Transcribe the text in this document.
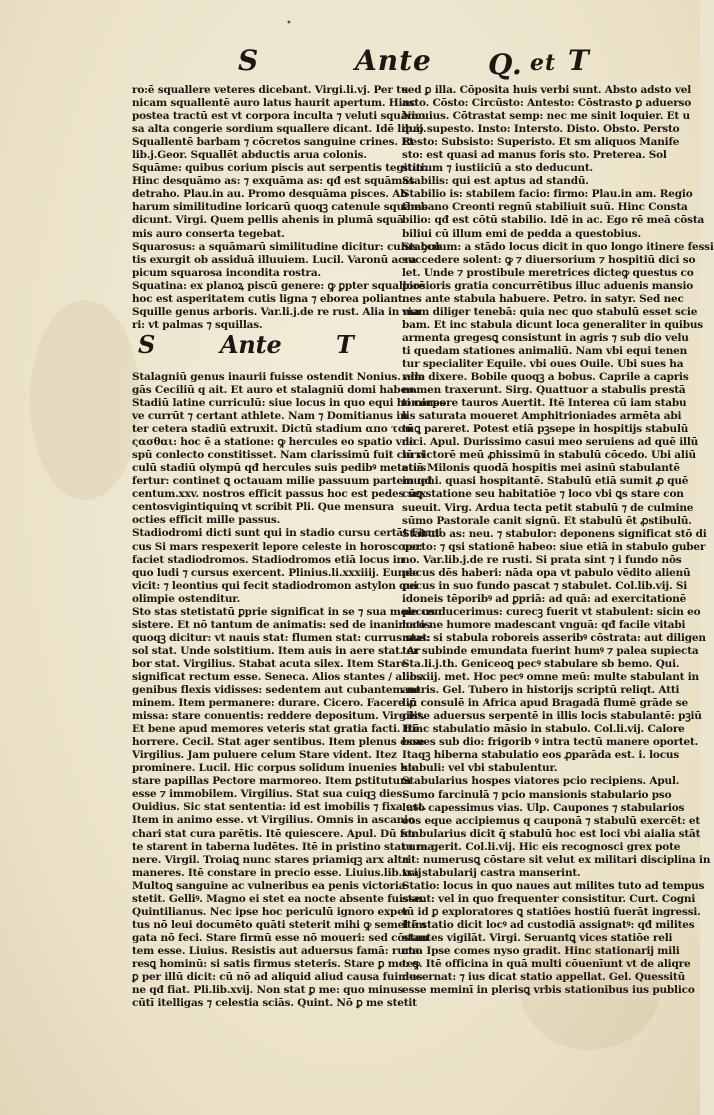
•
S	Ante Q. et T
ro:ē squallere veteres dicebant. Virgi.li.vj. Per tu
nicam squallentē auro latus haurit apertum. Hinc
postea tractū est vt corpora inculta ⁊ veluti squāmo
sa alta congerie sordium squallere dicant. Idē lib.ij.
Squallentē barbam ⁊ cōcretos sanguine crines. Et
lib.j.Geor. Squallēt abductis arua colonis.
Squāme: quibus corium piscis aut serpentis tegitur.
Hinc desquāmo as: ⁊ exquāma as: qđ est squāmas
detraho. Plau.in au. Promo desquāma pisces. Ab
harum similitudine loricarū quoqꝫ catenule squāme
dicunt. Virgi. Quem pellis ahenis in plumā squā
mis auro conserta tegebat.
Squarosus: a squāmarū similitudine dicitur: cuius ꝯcu
tis exurgit ob assiduā illuuiem. Lucil. Varonū acra
picum squarosa incondita rostra.
Squatina: ex planoꝝ piscū genere: ꝙ ꝑpter squallorē
hoc est asperitatem cutis ligna ⁊ eborea poliant.
Squille genus arboris. Var.li.j.de re rust. Alia in ma
ri: vt palmas ⁊ squillas.
S	Ante T
Stalagniū genus inaurii fuisse ostendit Nonius. alle
gās Ceciliū q ait. Et auro et stalagniū domi habeo.
Stadiū latine curriculū: siue locus in quo equi homines
ve currūt ⁊ certant athlete. Nam ⁊ Domitianus in
ter cetera stadiū extruxit. Dictū stadium απο του
ςασθαι: hoc ē a statione: ꝙ hercules eo spatio vno
spū conlecto constitisset. Nam clarissimū fuit curri
culū stadiū olympū qđ hercules suis pedibꝰ metatus
fertur: continet ꝗ octauam milie passuum partem qđ
centum.xxv. nostros efficit passus hoc est pedes sex
centosvigintiquinꝗ vt scribit Pli. Que mensura
octies efficit mille passus.
Stadiodromi dicti sunt qui in stadio cursu certāt Firmi
cus Si mars respexerit lepore celeste in horoscopo:
faciet stadiodromos. Stadiodromos etiā locus in
quo ludi ⁊ cursus exercent. Plinius.li.xxxiiij. Eunde
vicit: ⁊ leontius qui fecit stadiodromon astylon qui
olimpie ostenditur.
Sto stas stetistatū ꝑprie significat in se ⁊ sua mole con
sistere. Et nō tantum de animatis: sed de inanimatis
quoqꝫ dicitur: vt nauis stat: flumen stat: currus stat:
sol stat. Unde solstitium. Item auis in aere stat. Ar
bor stat. Virgilius. Stabat acuta silex. Item Stare
significat rectum esse. Seneca. Alios stantes / alios
genibus flexis vidisses: sedentem aut cubantem ne
minem. Item permanere: durare. Cicero. Facere ꝓ
missa: stare conuentis: reddere depositum. Virgiliꝰ.
Et bene apud memores veteris stat gratia facti. Itē
horrere. Cecil. Stat ager sentibus. Item plenus esse
Virgilius. Jam puluere celum Stare vident. Itez
prominere. Lucil. Hic corpus solidum inuenies hic
stare papillas Pectore marmoreo. Item ꝑstitutum
esse ⁊ immobilem. Virgilius. Stat sua cuiqꝫ dies.
Ouidius. Sic stat sententia: id est imobilis ⁊ fixa est.
Item in animo esse. vt Virgilius. Omnis in ascanio
chari stat cura parētis. Itē quiescere. Apul. Dū for
te starent in taberna ludētes. Itē in pristino statu ma
nere. Virgil. Troiaꝗ nunc stares priamiqꝫ arx alta
maneres. Itē constare in precio esse. Liuius.lib.xvij
Multoꝗ sanguine ac vulneribus ea penis victoria
stetit. Gelliꝰ. Magno ei stet ea nocte absente fuisse.
Quintilianus. Nec ipse hoc periculū ignoro exper
tus nō leui documēto quāti steterit mihi ꝙ semel im
gata nō feci. Stare firmū esse nō moueri: sed cōstan
tem esse. Liuius. Resistis aut aduersus famā: rumo
resꝗ hominū: si satis firmus steteris. Stare ꝑ me: ꝙ
ꝑ per illū dicit: cū nō ad aliquid aliud causa fuimus
ne qđ fiat. Pli.lib.xvij. Non stat ꝑ me: quo minus
cūtī itelligas ⁊ celestia sciās. Quint. Nō ꝑ me stetit
sed ꝑ illa. Cōposita huis verbi sunt. Absto adsto vel
asto. Cōsto: Circūsto: Antesto: Cōstrasto ꝑ aduerso
Nicuius. Cōtrastat semp: nec me sinit loquier. Et u
quo supesto. Insto: Intersto. Disto. Obsto. Persto
Resto: Subsisto: Superisto. Et sm aliquos Manife
sto: est quasi ad manus foris sto. Preterea. Sol
stitium ⁊ iustiiciū a sto deducunt.
Stabilis: qui est aptus ad standū.
Stabilio is: stabilem facio: firmo: Plau.in am. Regio
thebano Creonti regnū stabiliuit suū. Hinc Consta
bilio: qđ est cōtū stabilio. Idē in ac. Ego rē meā cōsta
biliui cū illum emi de pedda a questobius.
Stabulum: a stādo locus dicit in quo longo itinere fessi
succedere solent: ꝙ ⁊ diuersorium ⁊ hospitiū dici so
let. Unde ⁊ prostibule meretrices dicteꝙ questus co
piosioris gratia concurrētibus illuc aduenis mansio
nes ante stabula habuere. Petro. in satyr. Sed nec
viam diliger tenebā: quia nec quo stabulū esset scie
bam. Et inc stabula dicunt loca generaliter in quibus
armenta gregesꝗ consistunt in agris ⁊ sub dio velu
ti quedam stationes animaliū. Nam vbi equi tenen
tur specialiter Equile. vbi oues Ouile. Ubi sues ha
ram dixere. Bobile quoqꝫ a bobus. Caprile a capris
nomen traxerunt. Sirg. Quattuor a stabulis prestā
ti corpore tauros Auertit. Itē Interea cū iam stabu
lis saturata moueret Amphitrioniades armēta abi
tūꝗ pareret. Potest etiā pꝫsepe in hospitijs stabulū
dici. Apul. Durissimo casui meo seruiens ad quē illū
lū victorē meū ꝓhissimū in stabulū cōcedo. Ubi aliū
etiā Milonis quodā hospitis mei asinū stabulantē
inueni. quasi hospitantē. Stabulū etiā sumit ꝓ quē
cūꝗ statione seu habitatiōe ⁊ loco vbi ꝗs stare con
sueuit. Virg. Ardua tecta petit stabulū ⁊ de culmine
sūmo Pastorale canit signū. Et stabulū ēt ꝓstibulū.
Stabulo as: neu. ⁊ stabulor: deponens significat stō di
uerto: ⁊ qsi stationē habeo: siue etiā in stabulo guber
no. Var.lib.j.de re rusti. Si prata sint ⁊ i fundo nōs
pecus dēs haberi: nāda opa vt pabulo vēdito alienū
pecus in suo fundo pascat ⁊ stabulet. Col.lib.vij. Si
idoneis tēporibꝰ ad ꝑpriā: ad quā: ad exercitationē
pecus ducerimus: curecꝫ fuerit vt stabulent: sicin eo
loco ne humore madescant vnguā: qđ facile vitabi
mus: si stabula roboreis asseribꝰ cōstrata: aut diligen
ter subinde emundata fuerint humꝰ ⁊ palea supiecta
Sta.li.j.th. Geniceoꝗ pecꝰ stabulare sb bemo. Qui.
lib.xiij. met. Hoc pecꝰ omne meū: multe stabulant in
antris. Gel. Tubero in historijs scriptū reliqt. Atti
liū consulē in Africa apud Bragadā flumē grāde se
cisse aduersus serpentē in illis locis stabulantē: pꝫiū
Hinc stabulatio māsio in stabulo. Col.li.vij. Calore
boues sub dio: frigorib ꝰ intra tectū manere oportet.
Itaqꝫ hiberna stabulatio eos ꝓparāda est. i. locus
stabuli: vel vbi stabulentur.
Stabularius hospes viatores pcio recipiens. Apul.
Sumo farcinulā ⁊ pcio mansionis stabulario pso
luto capessimus vias. Ulp. Caupones ⁊ stabularios
eos eque accipiemus q cauponā ⁊ stabulū exercēt: et
stabularius dicit q̄ stabulū hoc est loci vbi aialia stāt
cura gerit. Col.li.vij. Hic eis recognosci grex pote
rit: numerusꝗ cōstare sit velut ex militari disciplina in
tra stabularij castra manserint.
Statio: locus in quo naues aut milites tuto ad tempus
stant: vel in quo frequenter consistitur. Curt. Cogni
tū id ꝑ exploratores ꝗ statiōes hostiū fuerāt ingressi.
Itē statio dicit locꝰ ad custodiā assignatꝰ: qđ milites
stantes vigilāt. Virgi. Seruantꝗ vices statiōe reli
cta. Ipse comes nyso gradit. Hinc stationarij mili
tes. Itē officina in quā multi cōuenīunt vt de aliqre
decernat: ⁊ ius dicat statio appellat. Gel. Quessitū
esse meminī in plerisꝗ vrbis stationibus ius publico
